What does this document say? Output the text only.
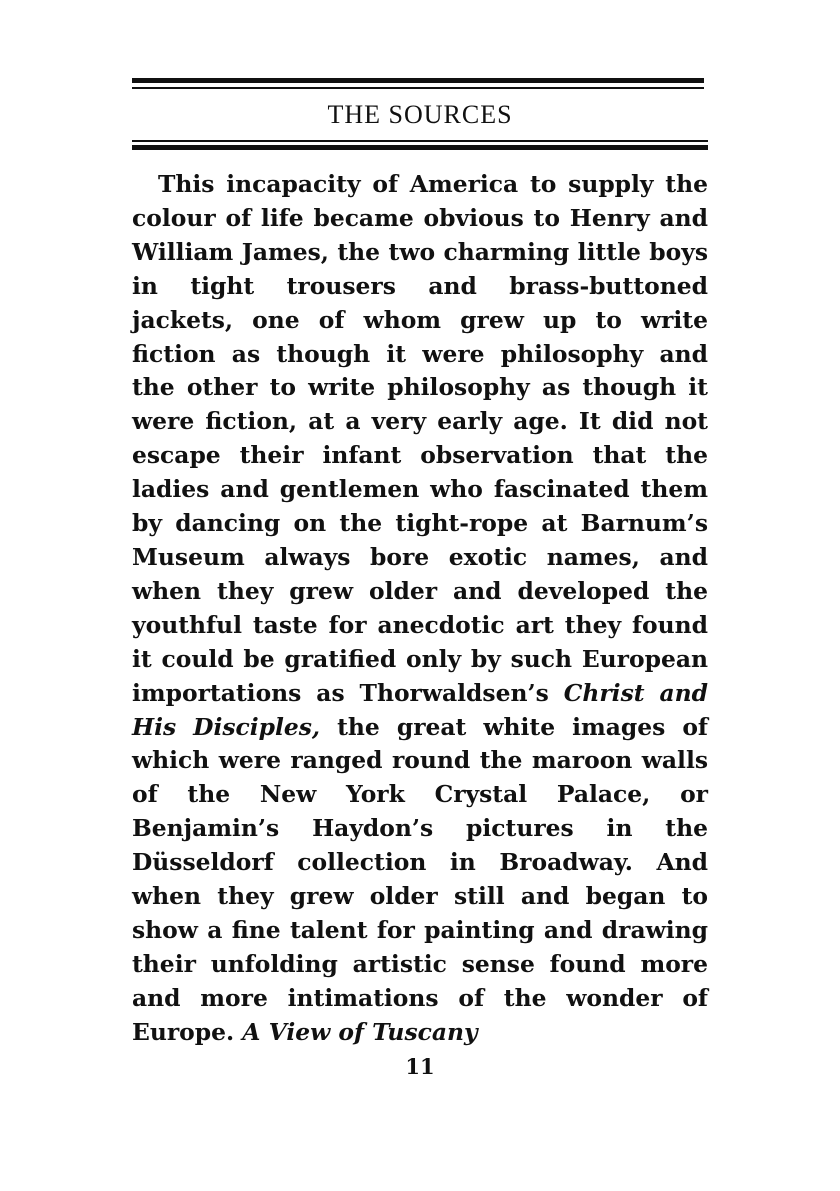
THE SOURCES

This incapacity of America to supply the colour of life became obvious to Henry and William James, the two charming little boys in tight trousers and brass-buttoned jackets, one of whom grew up to write fiction as though it were philosophy and the other to write philosophy as though it were fiction, at a very early age. It did not escape their infant observation that the ladies and gentlemen who fascinated them by dancing on the tight-rope at Barnum’s Museum always bore exotic names, and when they grew older and developed the youthful taste for anecdotic art they found it could be gratified only by such European importations as Thorwaldsen’s Christ and His Disciples, the great white images of which were ranged round the maroon walls of the New York Crystal Palace, or Benjamin’s Haydon’s pictures in the Düsseldorf collection in Broadway. And when they grew older still and began to show a fine talent for painting and drawing their unfolding artistic sense found more and more intimations of the wonder of Europe. A View of Tuscany

11
